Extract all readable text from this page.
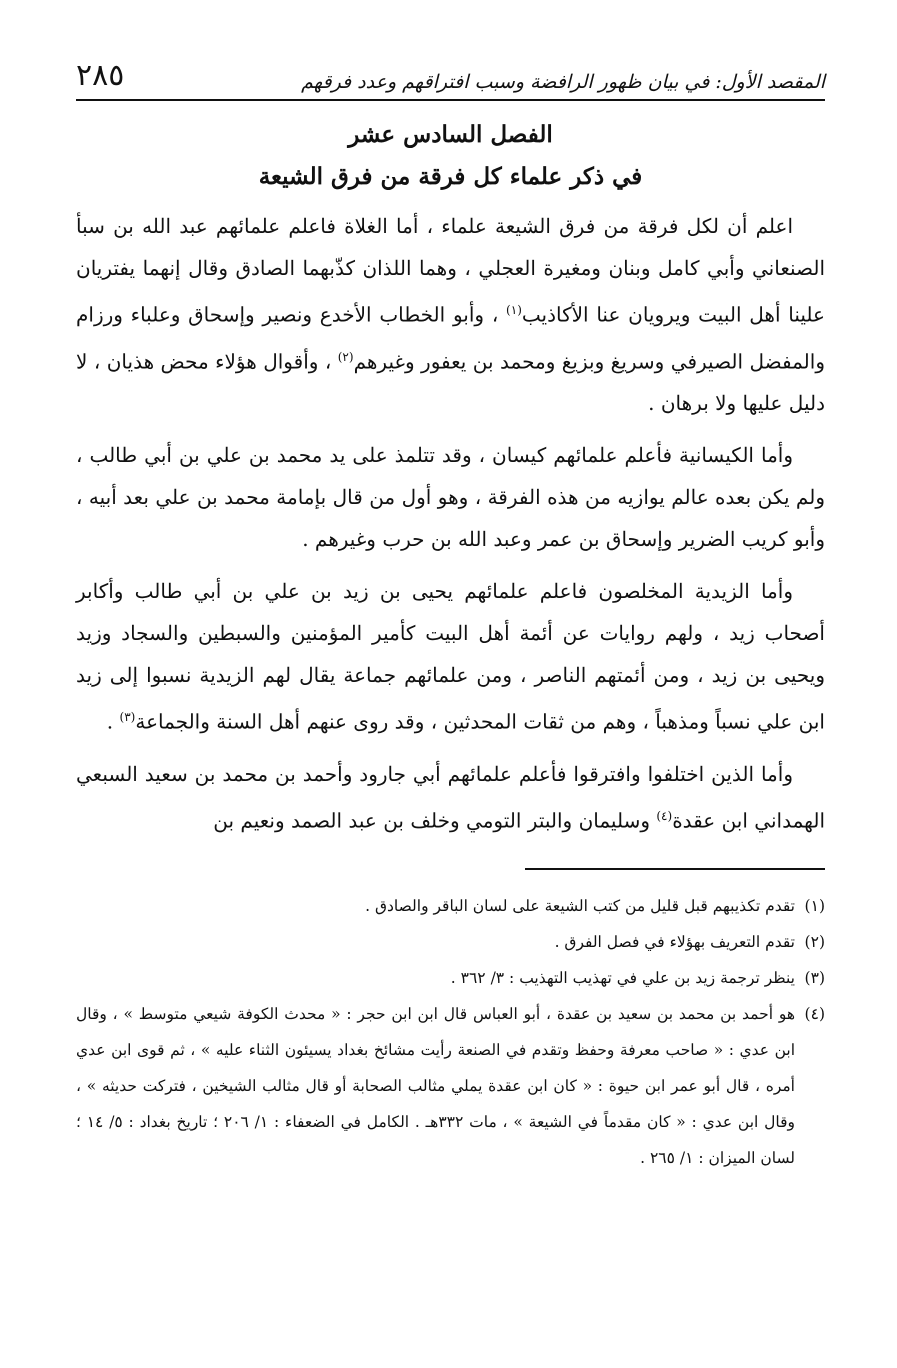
المقصد الأول: في بيان ظهور الرافضة وسبب افتراقهم وعدد فرقهم
٢٨٥
الفصل السادس عشر
في ذكر علماء كل فرقة من فرق الشيعة

اعلم أن لكل فرقة من فرق الشيعة علماء ، أما الغلاة فاعلم علمائهم عبد الله بن سبأ الصنعاني وأبي كامل وبنان ومغيرة العجلي ، وهما اللذان كذّبهما الصادق وقال إنهما يفتريان علينا أهل البيت ويرويان عنا الأكاذيب$^{(١)}$ ، وأبو الخطاب الأخدع ونصير وإسحاق وعلباء ورزام والمفضل الصيرفي وسريغ وبزيغ ومحمد بن يعفور وغيرهم$^{(٢)}$ ، وأقوال هؤلاء محض هذيان ، لا دليل عليها ولا برهان .

وأما الكيسانية فأعلم علمائهم كيسان ، وقد تتلمذ على يد محمد بن علي بن أبي طالب ، ولم يكن بعده عالم يوازيه من هذه الفرقة ، وهو أول من قال بإمامة محمد بن علي بعد أبيه ، وأبو كريب الضرير وإسحاق بن عمر وعبد الله بن حرب وغيرهم .

وأما الزيدية المخلصون فاعلم علمائهم يحيى بن زيد بن علي بن أبي طالب وأكابر أصحاب زيد ، ولهم روايات عن أئمة أهل البيت كأمير المؤمنين والسبطين والسجاد وزيد ويحيى بن زيد ، ومن أئمتهم الناصر ، ومن علمائهم جماعة يقال لهم الزيدية نسبوا إلى زيد ابن علي نسباً ومذهباً ، وهم من ثقات المحدثين ، وقد روى عنهم أهل السنة والجماعة$^{(٣)}$ .

وأما الذين اختلفوا وافترقوا فأعلم علمائهم أبي جارود وأحمد بن محمد بن سعيد السبعي الهمداني ابن عقدة$^{(٤)}$ وسليمان والبتر التومي وخلف بن عبد الصمد ونعيم بن

(١)
تقدم تكذيبهم قبل قليل من كتب الشيعة على لسان الباقر والصادق .
(٢)
تقدم التعريف بهؤلاء في فصل الفرق .
(٣)
ينظر ترجمة زيد بن علي في تهذيب التهذيب : ٣/ ٣٦٢ .
(٤)
هو أحمد بن محمد بن سعيد بن عقدة ، أبو العباس قال ابن ابن حجر : « محدث الكوفة شيعي متوسط » ، وقال ابن عدي : « صاحب معرفة وحفظ وتقدم في الصنعة رأيت مشائخ بغداد يسيئون الثناء عليه » ، ثم قوى ابن عدي أمره ، قال أبو عمر ابن حيوة : « كان ابن عقدة يملي مثالب الصحابة أو قال مثالب الشيخين ، فتركت حديثه » ، وقال ابن عدي : « كان مقدماً في الشيعة » ، مات ٣٣٢هـ . الكامل في الضعفاء : ١/ ٢٠٦ ؛ تاريخ بغداد : ٥/ ١٤ ؛ لسان الميزان : ١/ ٢٦٥ .
